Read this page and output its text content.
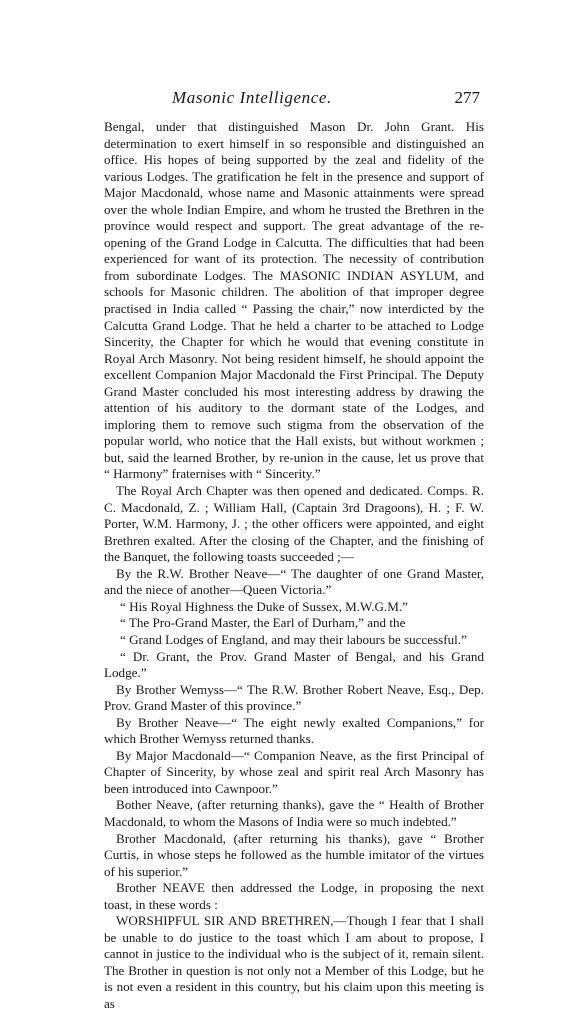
Masonic Intelligence.	277

Bengal, under that distinguished Mason Dr. John Grant. His determination to exert himself in so responsible and distinguished an office. His hopes of being supported by the zeal and fidelity of the various Lodges. The gratification he felt in the presence and support of Major Macdonald, whose name and Masonic attainments were spread over the whole Indian Empire, and whom he trusted the Brethren in the province would respect and support. The great advantage of the re-opening of the Grand Lodge in Calcutta. The difficulties that had been experienced for want of its protection. The necessity of contribution from subordinate Lodges. The MASONIC INDIAN ASYLUM, and schools for Masonic children. The abolition of that improper degree practised in India called “ Passing the chair,” now interdicted by the Calcutta Grand Lodge. That he held a charter to be attached to Lodge Sincerity, the Chapter for which he would that evening constitute in Royal Arch Masonry. Not being resident himself, he should appoint the excellent Companion Major Macdonald the First Principal. The Deputy Grand Master concluded his most interesting address by drawing the attention of his auditory to the dormant state of the Lodges, and imploring them to remove such stigma from the observation of the popular world, who notice that the Hall exists, but without workmen ; but, said the learned Brother, by re-union in the cause, let us prove that “ Harmony” fraternises with “ Sincerity.”

The Royal Arch Chapter was then opened and dedicated. Comps. R. C. Macdonald, Z. ; William Hall, (Captain 3rd Dragoons), H. ; F. W. Porter, W.M. Harmony, J. ; the other officers were appointed, and eight Brethren exalted. After the closing of the Chapter, and the finishing of the Banquet, the following toasts succeeded ;—

By the R.W. Brother Neave—“ The daughter of one Grand Master, and the niece of another—Queen Victoria.”

“ His Royal Highness the Duke of Sussex, M.W.G.M.”

“ The Pro-Grand Master, the Earl of Durham,” and the

“ Grand Lodges of England, and may their labours be successful.”

“ Dr. Grant, the Prov. Grand Master of Bengal, and his Grand Lodge.”

By Brother Wemyss—“ The R.W. Brother Robert Neave, Esq., Dep. Prov. Grand Master of this province.”

By Brother Neave—“ The eight newly exalted Companions,” for which Brother Wemyss returned thanks.

By Major Macdonald—“ Companion Neave, as the first Principal of Chapter of Sincerity, by whose zeal and spirit real Arch Masonry has been introduced into Cawnpoor.”

Bother Neave, (after returning thanks), gave the “ Health of Brother Macdonald, to whom the Masons of India were so much indebted.”

Brother Macdonald, (after returning his thanks), gave “ Brother Curtis, in whose steps he followed as the humble imitator of the virtues of his superior.”

Brother NEAVE then addressed the Lodge, in proposing the next toast, in these words :

WORSHIPFUL SIR AND BRETHREN,—Though I fear that I shall be unable to do justice to the toast which I am about to propose, I cannot in justice to the individual who is the subject of it, remain silent. The Brother in question is not only not a Member of this Lodge, but he is not even a resident in this country, but his claim upon this meeting is as
